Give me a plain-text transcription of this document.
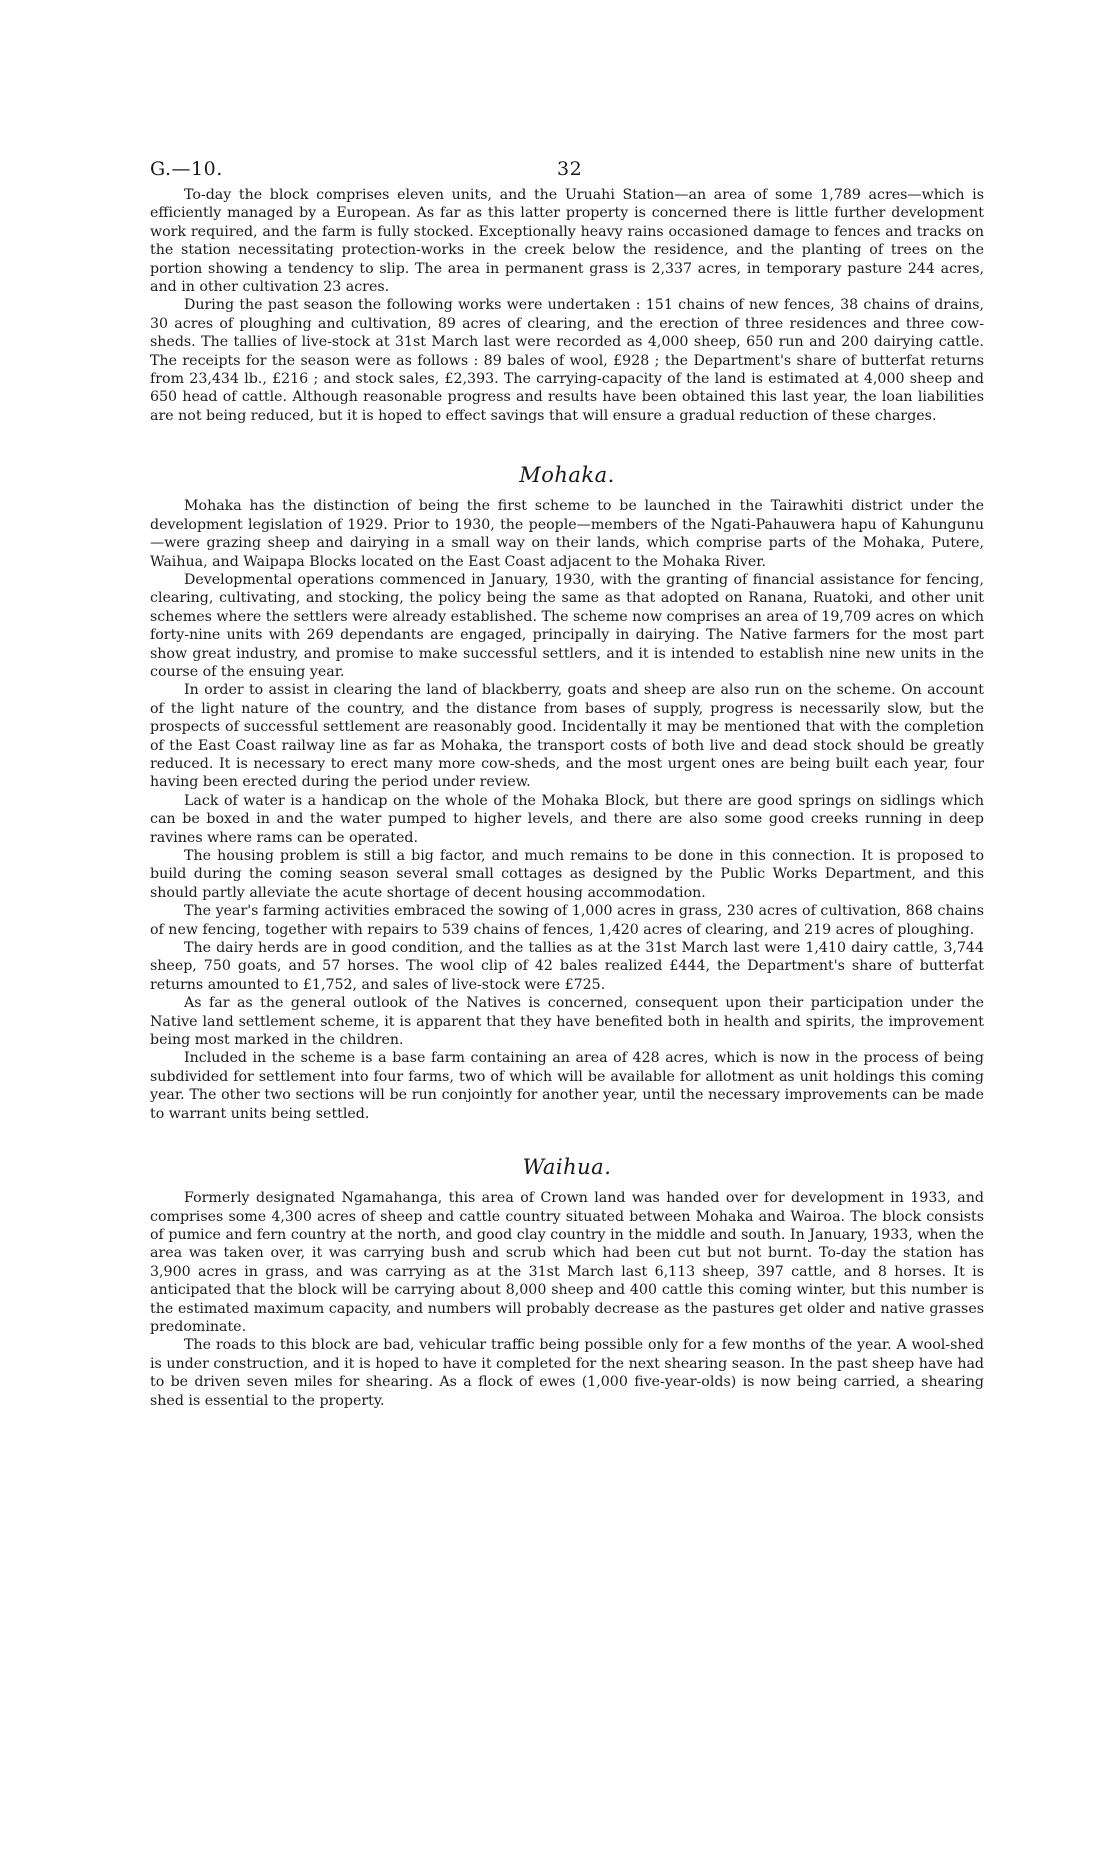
G.—10.	32

To-day the block comprises eleven units, and the Uruahi Station—an area of some 1,789 acres—which is efficiently managed by a European. As far as this latter property is concerned there is little further development work required, and the farm is fully stocked. Exceptionally heavy rains occasioned damage to fences and tracks on the station necessitating protection-works in the creek below the residence, and the planting of trees on the portion showing a tendency to slip. The area in permanent grass is 2,337 acres, in temporary pasture 244 acres, and in other cultivation 23 acres.

During the past season the following works were undertaken : 151 chains of new fences, 38 chains of drains, 30 acres of ploughing and cultivation, 89 acres of clearing, and the erection of three residences and three cow-sheds. The tallies of live-stock at 31st March last were recorded as 4,000 sheep, 650 run and 200 dairying cattle. The receipts for the season were as follows : 89 bales of wool, £928 ; the Department's share of butterfat returns from 23,434 lb., £216 ; and stock sales, £2,393. The carrying-capacity of the land is estimated at 4,000 sheep and 650 head of cattle. Although reasonable progress and results have been obtained this last year, the loan liabilities are not being reduced, but it is hoped to effect savings that will ensure a gradual reduction of these charges.

Mohaka.

Mohaka has the distinction of being the first scheme to be launched in the Tairawhiti district under the development legislation of 1929. Prior to 1930, the people—members of the Ngati-Pahauwera hapu of Kahungunu—were grazing sheep and dairying in a small way on their lands, which comprise parts of the Mohaka, Putere, Waihua, and Waipapa Blocks located on the East Coast adjacent to the Mohaka River.

Developmental operations commenced in January, 1930, with the granting of financial assistance for fencing, clearing, cultivating, and stocking, the policy being the same as that adopted on Ranana, Ruatoki, and other unit schemes where the settlers were already established. The scheme now comprises an area of 19,709 acres on which forty-nine units with 269 dependants are engaged, principally in dairying. The Native farmers for the most part show great industry, and promise to make successful settlers, and it is intended to establish nine new units in the course of the ensuing year.

In order to assist in clearing the land of blackberry, goats and sheep are also run on the scheme. On account of the light nature of the country, and the distance from bases of supply, progress is necessarily slow, but the prospects of successful settlement are reasonably good. Incidentally it may be mentioned that with the completion of the East Coast railway line as far as Mohaka, the transport costs of both live and dead stock should be greatly reduced. It is necessary to erect many more cow-sheds, and the most urgent ones are being built each year, four having been erected during the period under review.

Lack of water is a handicap on the whole of the Mohaka Block, but there are good springs on sidlings which can be boxed in and the water pumped to higher levels, and there are also some good creeks running in deep ravines where rams can be operated.

The housing problem is still a big factor, and much remains to be done in this connection. It is proposed to build during the coming season several small cottages as designed by the Public Works Department, and this should partly alleviate the acute shortage of decent housing accommodation.

The year's farming activities embraced the sowing of 1,000 acres in grass, 230 acres of cultivation, 868 chains of new fencing, together with repairs to 539 chains of fences, 1,420 acres of clearing, and 219 acres of ploughing.

The dairy herds are in good condition, and the tallies as at the 31st March last were 1,410 dairy cattle, 3,744 sheep, 750 goats, and 57 horses. The wool clip of 42 bales realized £444, the Department's share of butterfat returns amounted to £1,752, and sales of live-stock were £725.

As far as the general outlook of the Natives is concerned, consequent upon their participation under the Native land settlement scheme, it is apparent that they have benefited both in health and spirits, the improvement being most marked in the children.

Included in the scheme is a base farm containing an area of 428 acres, which is now in the process of being subdivided for settlement into four farms, two of which will be available for allotment as unit holdings this coming year. The other two sections will be run conjointly for another year, until the necessary improvements can be made to warrant units being settled.

Waihua.

Formerly designated Ngamahanga, this area of Crown land was handed over for development in 1933, and comprises some 4,300 acres of sheep and cattle country situated between Mohaka and Wairoa. The block consists of pumice and fern country at the north, and good clay country in the middle and south. In January, 1933, when the area was taken over, it was carrying bush and scrub which had been cut but not burnt. To-day the station has 3,900 acres in grass, and was carrying as at the 31st March last 6,113 sheep, 397 cattle, and 8 horses. It is anticipated that the block will be carrying about 8,000 sheep and 400 cattle this coming winter, but this number is the estimated maximum capacity, and numbers will probably decrease as the pastures get older and native grasses predominate.

The roads to this block are bad, vehicular traffic being possible only for a few months of the year. A wool-shed is under construction, and it is hoped to have it completed for the next shearing season. In the past sheep have had to be driven seven miles for shearing. As a flock of ewes (1,000 five-year-olds) is now being carried, a shearing shed is essential to the property.
